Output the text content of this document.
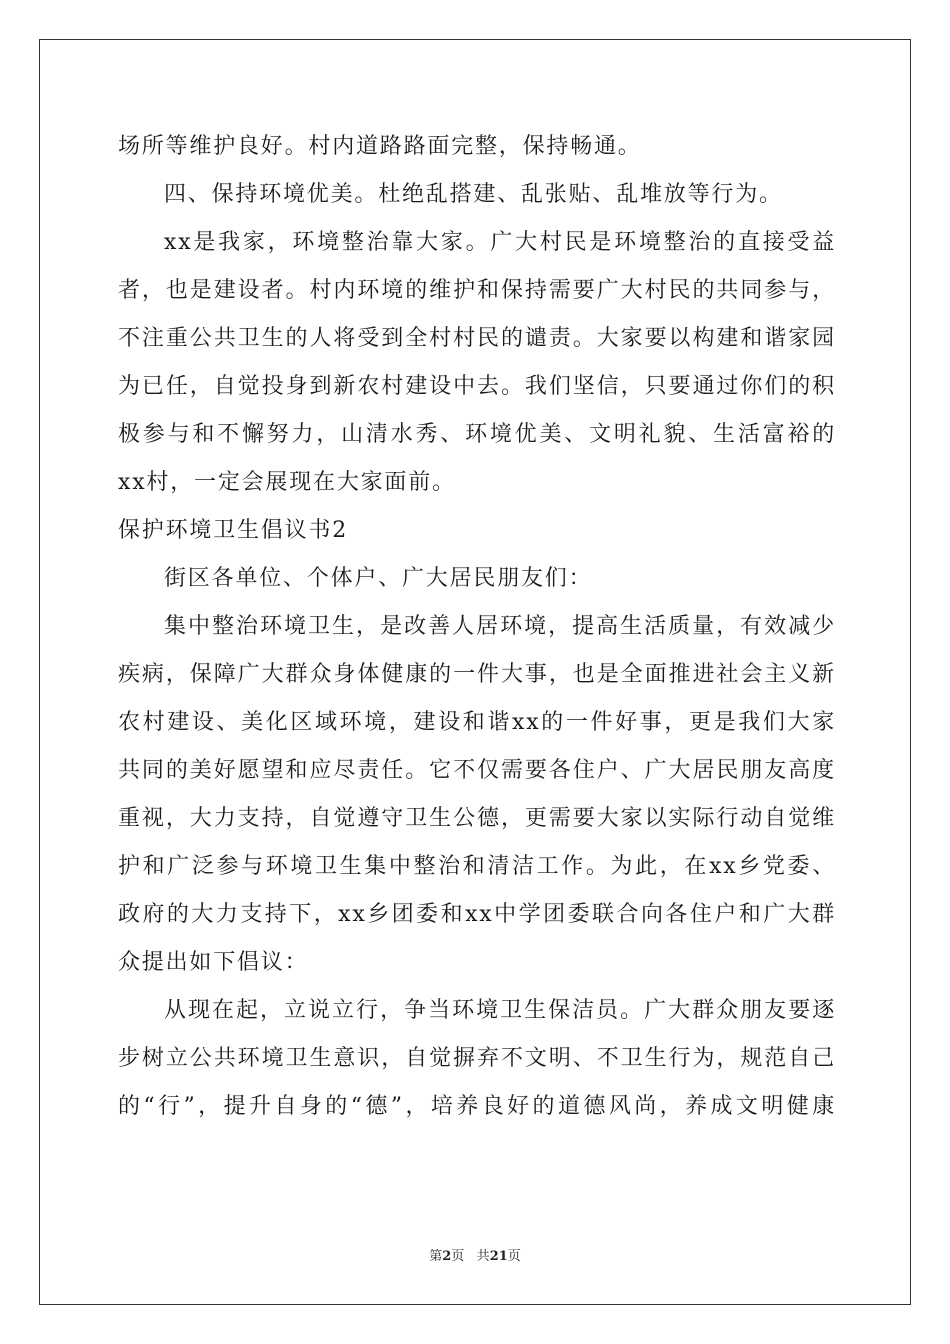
场所等维护良好。村内道路路面完整，保持畅通。
四、保持环境优美。杜绝乱搭建、乱张贴、乱堆放等行为。
xx是我家，环境整治靠大家。广大村民是环境整治的直接受益
者，也是建设者。村内环境的维护和保持需要广大村民的共同参与，
不注重公共卫生的人将受到全村村民的谴责。大家要以构建和谐家园
为已任，自觉投身到新农村建设中去。我们坚信，只要通过你们的积
极参与和不懈努力，山清水秀、环境优美、文明礼貌、生活富裕的
xx村，一定会展现在大家面前。
保护环境卫生倡议书2
街区各单位、个体户、广大居民朋友们：
集中整治环境卫生，是改善人居环境，提高生活质量，有效减少
疾病，保障广大群众身体健康的一件大事，也是全面推进社会主义新
农村建设、美化区域环境，建设和谐xx的一件好事，更是我们大家
共同的美好愿望和应尽责任。它不仅需要各住户、广大居民朋友高度
重视，大力支持，自觉遵守卫生公德，更需要大家以实际行动自觉维
护和广泛参与环境卫生集中整治和清洁工作。为此，在xx乡党委、
政府的大力支持下，xx乡团委和xx中学团委联合向各住户和广大群
众提出如下倡议：
从现在起，立说立行，争当环境卫生保洁员。广大群众朋友要逐
步树立公共环境卫生意识，自觉摒弃不文明、不卫生行为，规范自己
的“行”，提升自身的“德”，培养良好的道德风尚，养成文明健康
第2页 共21页
